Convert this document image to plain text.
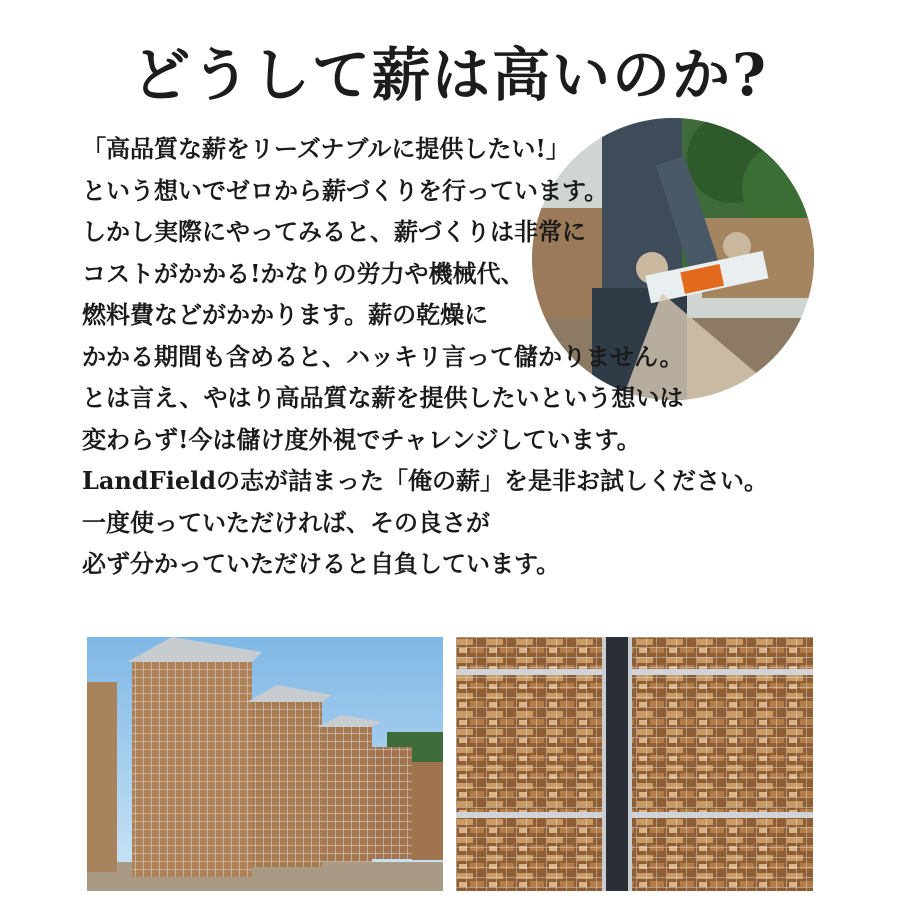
どうして薪は高いのか?
「高品質な薪をリーズナブルに提供したい!」
という想いでゼロから薪づくりを行っています。
しかし実際にやってみると、薪づくりは非常に
コストがかかる!かなりの労力や機械代、
燃料費などがかかります。薪の乾燥に
かかる期間も含めると、ハッキリ言って儲かりません。
とは言え、やはり高品質な薪を提供したいという想いは
変わらず!今は儲け度外視でチャレンジしています。
LandFieldの志が詰まった「俺の薪」を是非お試しください。
一度使っていただければ、その良さが
必ず分かっていただけると自負しています。
